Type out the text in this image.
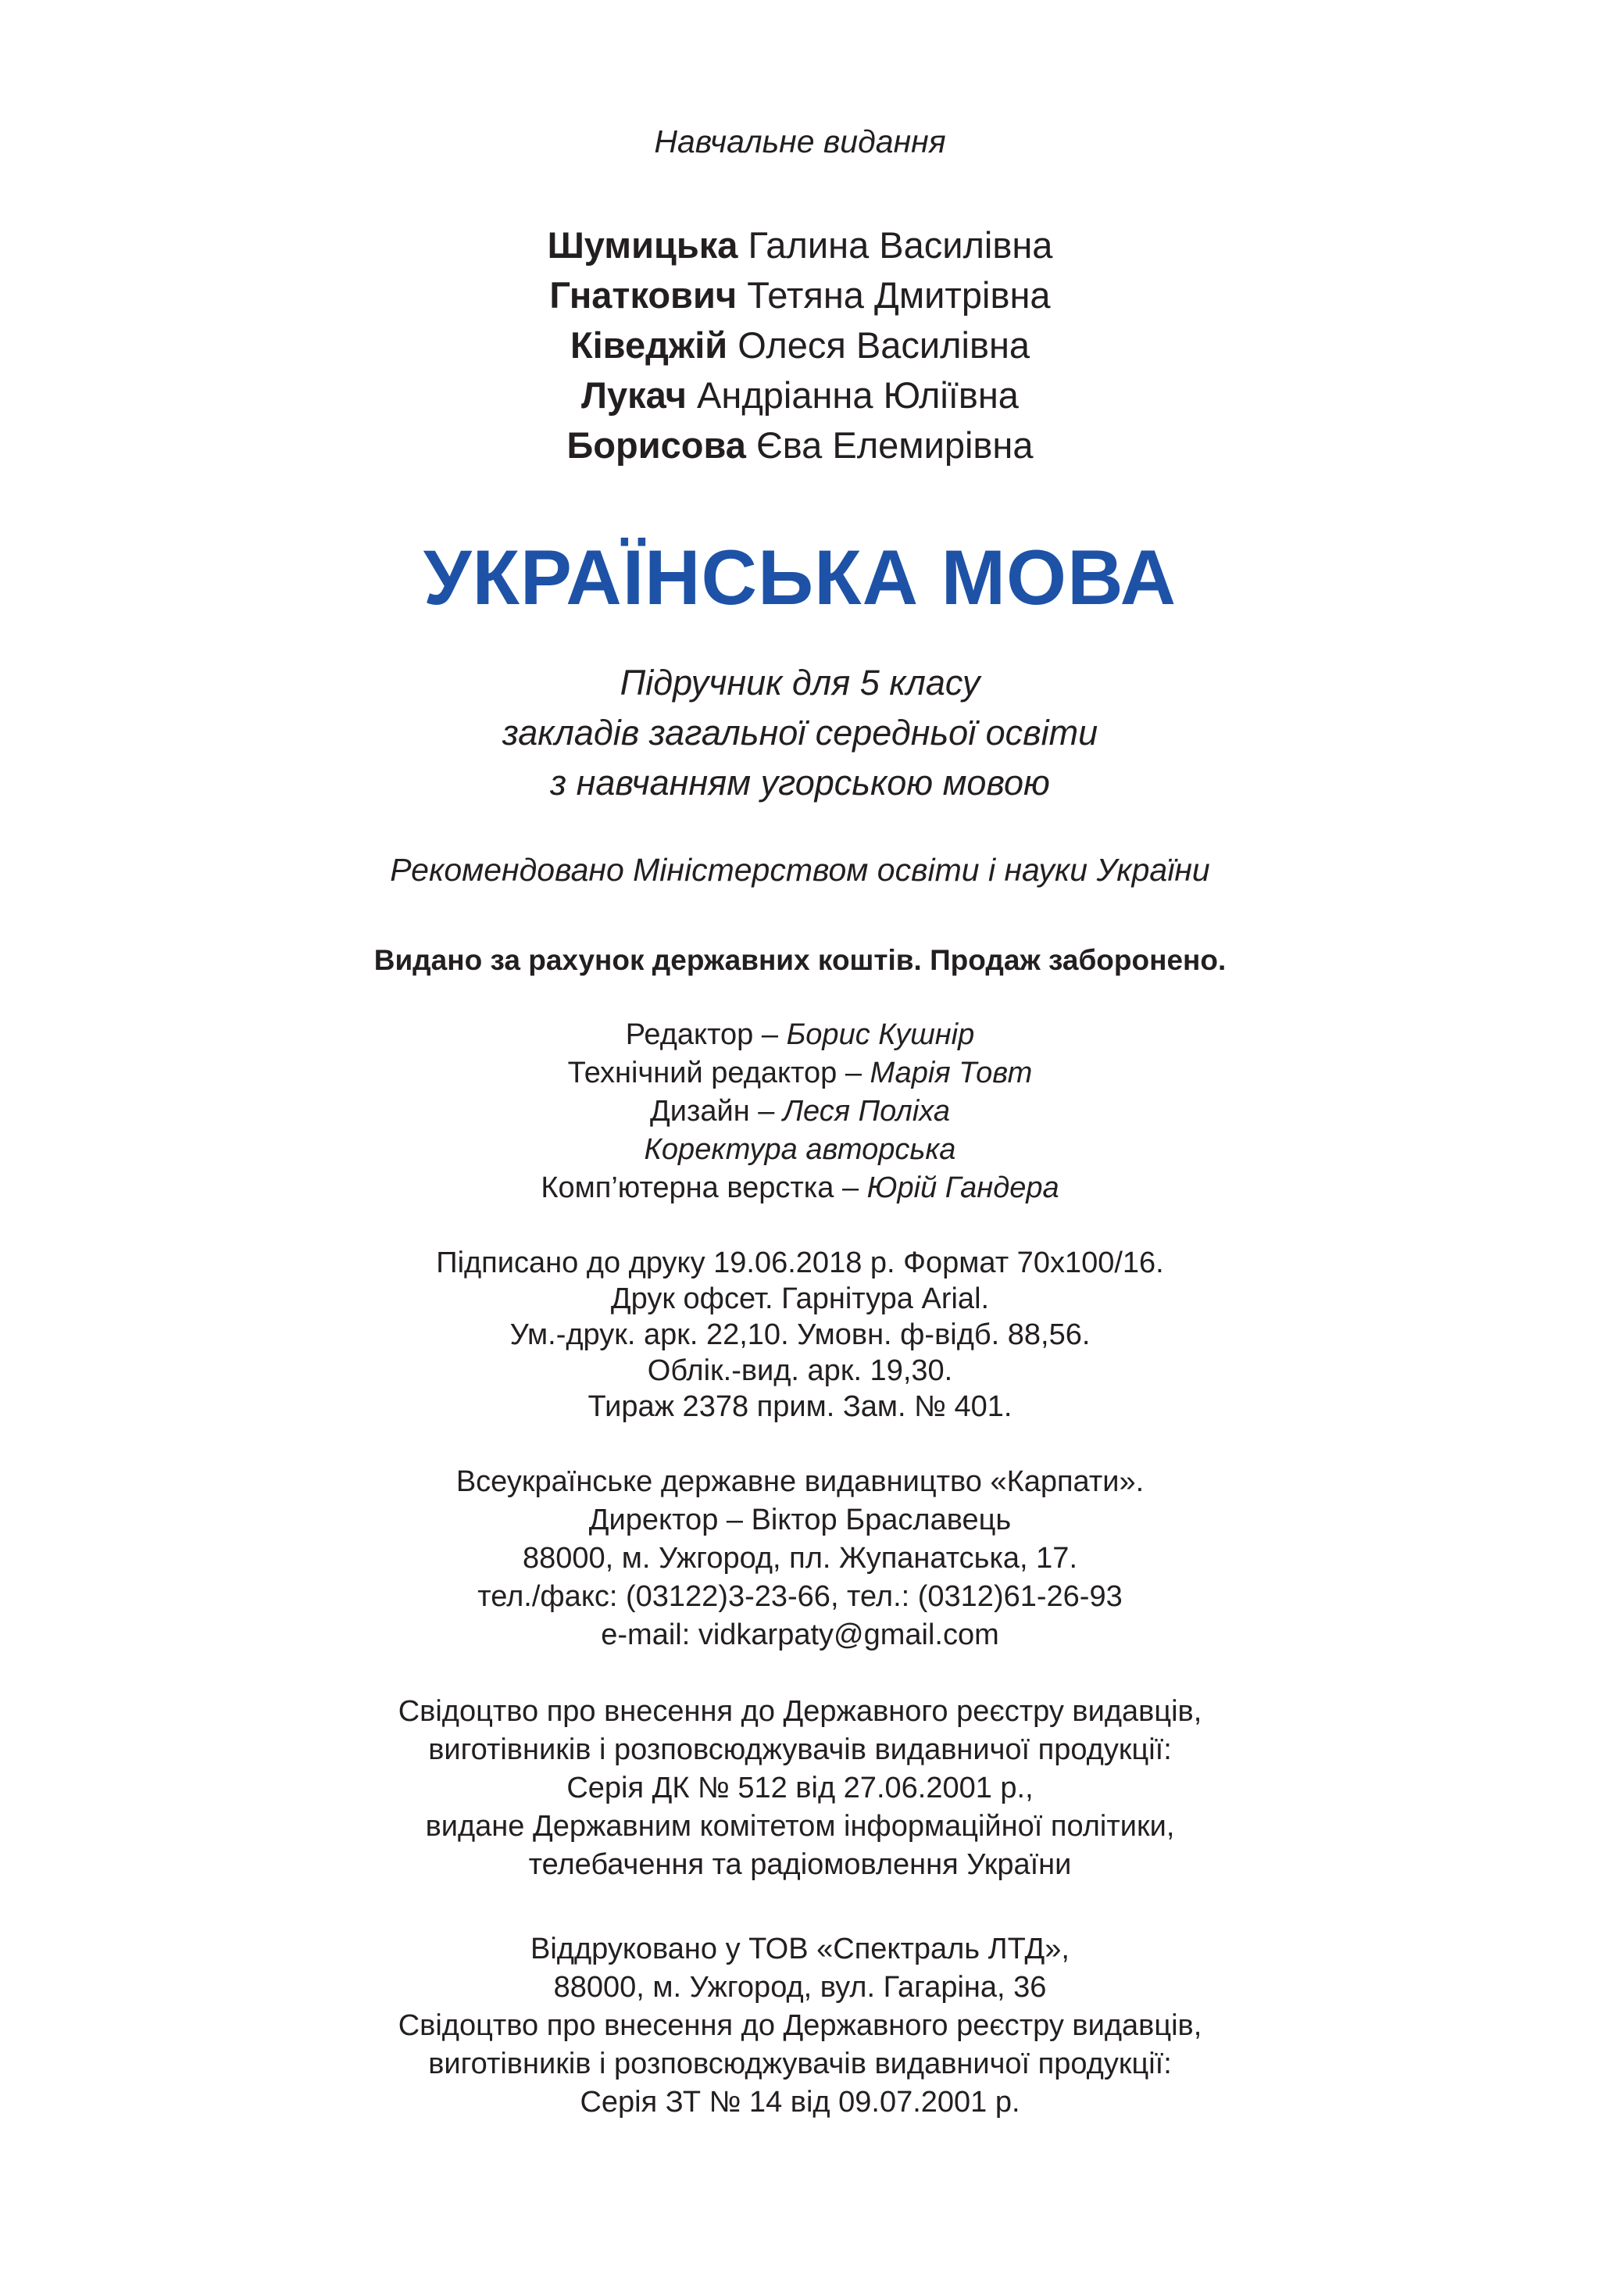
Навчальне видання
Шумицька Галина Василівна
Гнаткович Тетяна Дмитрівна
Ківеджій Олеся Василівна
Лукач Андріанна Юліївна
Борисова Єва Елемирівна
УКРАЇНСЬКА МОВА
Підручник для 5 класу
закладів загальної середньої освіти
з навчанням угорською мовою
Рекомендовано Міністерством освіти і науки України
Видано за рахунок державних коштів. Продаж заборонено.
Редактор – Борис Кушнір
Технічний редактор – Марія Товт
Дизайн – Леся Поліха
Коректура авторська
Комп’ютерна верстка – Юрій Гандера
Підписано до друку 19.06.2018 р. Формат 70х100/16.
Друк офсет. Гарнітура Arial.
Ум.-друк. арк. 22,10. Умовн. ф-відб. 88,56.
Облік.-вид. арк. 19,30.
Тираж 2378 прим. Зам. № 401.
Всеукраїнське державне видавництво «Карпати».
Директор – Віктор Браславець
88000, м. Ужгород, пл. Жупанатська, 17.
тел./факс: (03122)3-23-66, тел.: (0312)61-26-93
e-mail: vidkarpaty@gmail.com
Свідоцтво про внесення до Державного реєстру видавців,
виготівників і розповсюджувачів видавничої продукції:
Серія ДК № 512 від 27.06.2001 р.,
видане Державним комітетом інформаційної політики,
телебачення та радіомовлення України
Віддруковано у ТОВ «Спектраль ЛТД»,
88000, м. Ужгород, вул. Гагаріна, 36
Свідоцтво про внесення до Державного реєстру видавців,
виготівників і розповсюджувачів видавничої продукції:
Серія ЗТ № 14 від 09.07.2001 р.
